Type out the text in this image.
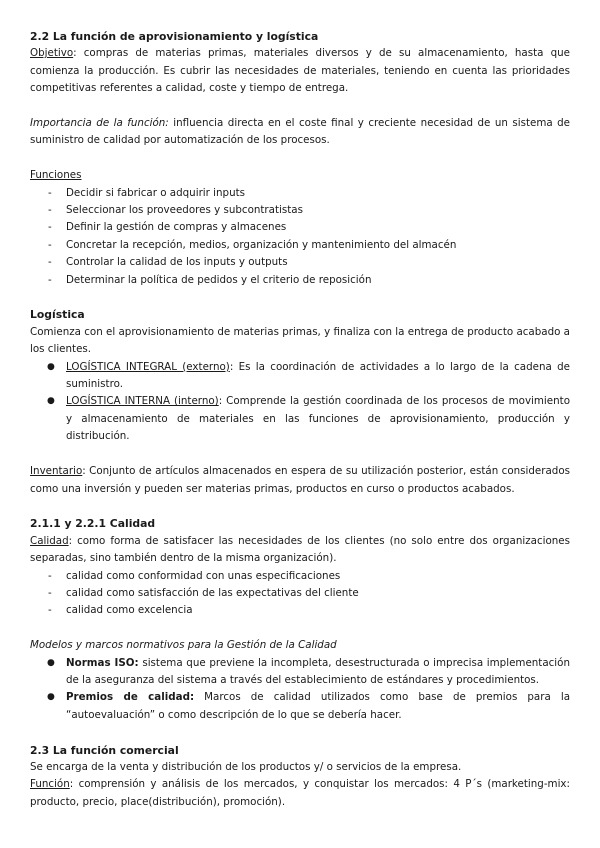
2.2 La función de aprovisionamiento y logística

Objetivo: compras de materias primas, materiales diversos y de su almacenamiento, hasta que comienza la producción. Es cubrir las necesidades de materiales, teniendo en cuenta las prioridades competitivas referentes a calidad, coste y tiempo de entrega.

Importancia de la función: influencia directa en el coste final y creciente necesidad de un sistema de suministro de calidad por automatización de los procesos.

Funciones

- Decidir si fabricar o adquirir inputs
- Seleccionar los proveedores y subcontratistas
- Definir la gestión de compras y almacenes
- Concretar la recepción, medios, organización y mantenimiento del almacén
- Controlar la calidad de los inputs y outputs
- Determinar la política de pedidos y el criterio de reposición
Logística

Comienza con el aprovisionamiento de materias primas, y finaliza con la entrega de producto acabado a los clientes.

● LOGÍSTICA INTEGRAL (externo): Es la coordinación de actividades a lo largo de la cadena de suministro.
● LOGÍSTICA INTERNA (interno): Comprende la gestión coordinada de los procesos de movimiento y almacenamiento de materiales en las funciones de aprovisionamiento, producción y distribución.

Inventario: Conjunto de artículos almacenados en espera de su utilización posterior, están considerados como una inversión y pueden ser materias primas, productos en curso o productos acabados.

2.1.1 y 2.2.1 Calidad

Calidad: como forma de satisfacer las necesidades de los clientes (no solo entre dos organizaciones separadas, sino también dentro de la misma organización).

- calidad como conformidad con unas especificaciones
- calidad como satisfacción de las expectativas del cliente
- calidad como excelencia

Modelos y marcos normativos para la Gestión de la Calidad

● Normas ISO: sistema que previene la incompleta, desestructurada o imprecisa implementación de la aseguranza del sistema a través del establecimiento de estándares y procedimientos.
● Premios de calidad: Marcos de calidad utilizados como base de premios para la “autoevaluación” o como descripción de lo que se debería hacer.
2.3 La función comercial

Se encarga de la venta y distribución de los productos y/ o servicios de la empresa.

Función: comprensión y análisis de los mercados, y conquistar los mercados: 4 P´s (marketing-mix: producto, precio, place(distribución), promoción).
